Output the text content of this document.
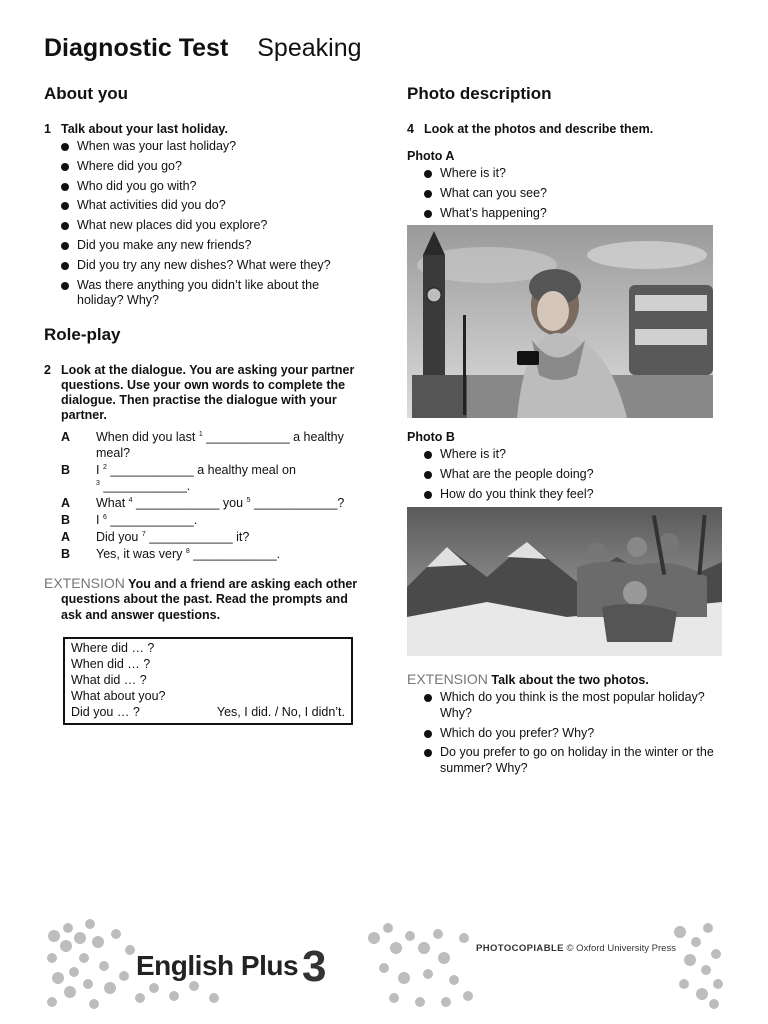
Diagnostic Test Speaking
About you
1 Talk about your last holiday.
When was your last holiday?
Where did you go?
Who did you go with?
What activities did you do?
What new places did you explore?
Did you make any new friends?
Did you try any new dishes? What were they?
Was there anything you didn’t like about the holiday? Why?
Role-play
2 Look at the dialogue. You are asking your partner questions. Use your own words to complete the dialogue. Then practise the dialogue with your partner.
A	When did you last $^1$ ____________ a healthy meal?
B	I $^2$ ____________ a healthy meal on
$^3$ ____________.
A	What $^4$ ____________ you $^5$ ____________?
B	I $^6$ ____________.
A	Did you $^7$ ____________ it?
B	Yes, it was very $^8$ ____________.
EXTENSION You and a friend are asking each other questions about the past. Read the prompts and ask and answer questions.
Where did … ?
When did … ?
What did … ?
What about you?
Did you … ?	Yes, I did. / No, I didn’t.
Photo description
4 Look at the photos and describe them.
Photo A
Where is it?
What can you see?
What’s happening?
Photo B
Where is it?
What are the people doing?
How do you think they feel?
EXTENSION Talk about the two photos.
Which do you think is the most popular holiday? Why?
Which do you prefer? Why?
Do you prefer to go on holiday in the winter or the summer? Why?
English Plus3	PHOTOCOPIABLE © Oxford University Press
